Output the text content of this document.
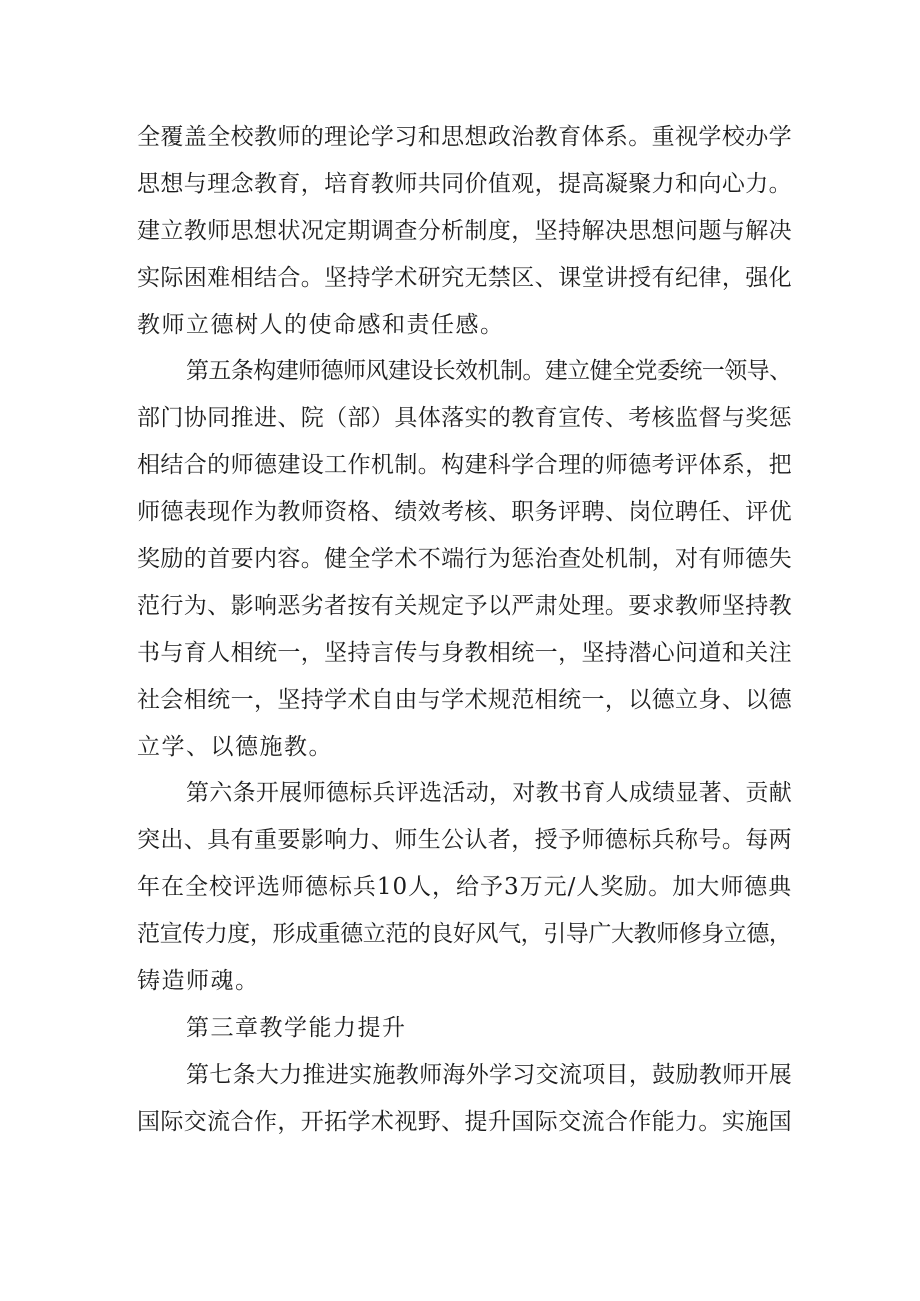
全覆盖全校教师的理论学习和思想政治教育体系。重视学校办学
思想与理念教育，培育教师共同价值观，提高凝聚力和向心力。
建立教师思想状况定期调查分析制度，坚持解决思想问题与解决
实际困难相结合。坚持学术研究无禁区、课堂讲授有纪律，强化
教师立德树人的使命感和责任感。
第五条构建师德师风建设长效机制。建立健全党委统一领导、
部门协同推进、院（部）具体落实的教育宣传、考核监督与奖惩
相结合的师德建设工作机制。构建科学合理的师德考评体系，把
师德表现作为教师资格、绩效考核、职务评聘、岗位聘任、评优
奖励的首要内容。健全学术不端行为惩治查处机制，对有师德失
范行为、影响恶劣者按有关规定予以严肃处理。要求教师坚持教
书与育人相统一，坚持言传与身教相统一，坚持潜心问道和关注
社会相统一，坚持学术自由与学术规范相统一，以德立身、以德
立学、以德施教。
第六条开展师德标兵评选活动，对教书育人成绩显著、贡献
突出、具有重要影响力、师生公认者，授予师德标兵称号。每两
年在全校评选师德标兵10人，给予3万元/人奖励。加大师德典
范宣传力度，形成重德立范的良好风气，引导广大教师修身立德，
铸造师魂。
第三章教学能力提升
第七条大力推进实施教师海外学习交流项目，鼓励教师开展
国际交流合作，开拓学术视野、提升国际交流合作能力。实施国
